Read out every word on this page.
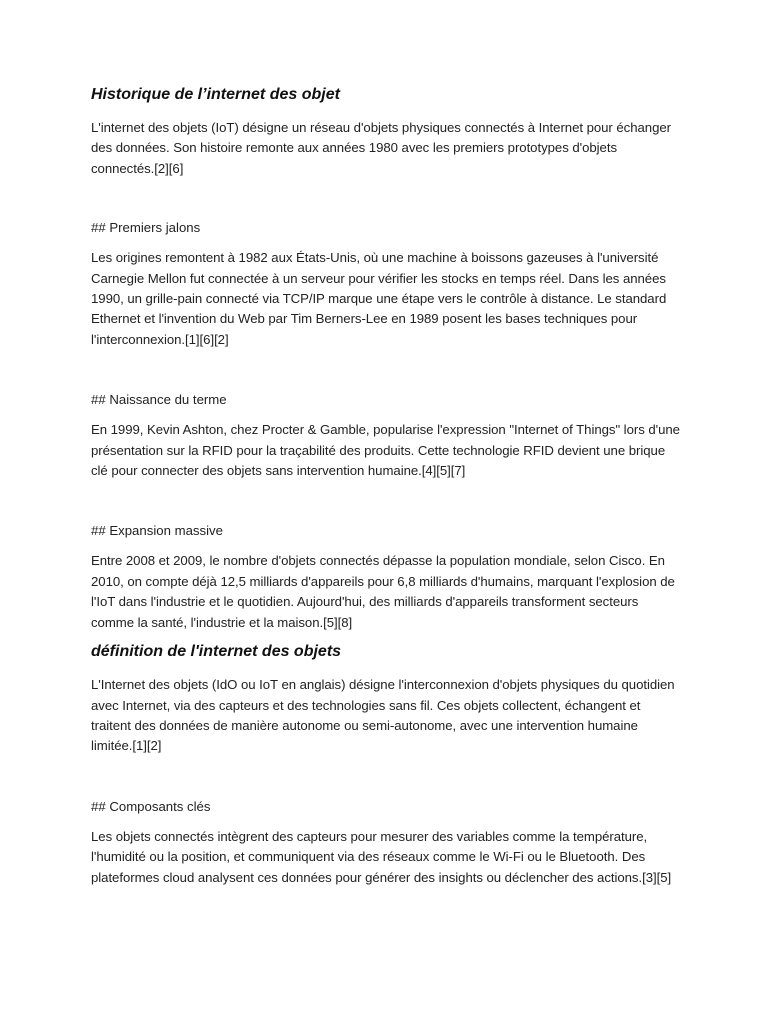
Historique de l’internet des objet

L'internet des objets (IoT) désigne un réseau d'objets physiques connectés à Internet pour échanger des données. Son histoire remonte aux années 1980 avec les premiers prototypes d'objets connectés.[2][6]

## Premiers jalons

Les origines remontent à 1982 aux États-Unis, où une machine à boissons gazeuses à l'université Carnegie Mellon fut connectée à un serveur pour vérifier les stocks en temps réel. Dans les années 1990, un grille-pain connecté via TCP/IP marque une étape vers le contrôle à distance. Le standard Ethernet et l'invention du Web par Tim Berners-Lee en 1989 posent les bases techniques pour l'interconnexion.[1][6][2]

## Naissance du terme

En 1999, Kevin Ashton, chez Procter & Gamble, popularise l'expression "Internet of Things" lors d'une présentation sur la RFID pour la traçabilité des produits. Cette technologie RFID devient une brique clé pour connecter des objets sans intervention humaine.[4][5][7]

## Expansion massive

Entre 2008 et 2009, le nombre d'objets connectés dépasse la population mondiale, selon Cisco. En 2010, on compte déjà 12,5 milliards d'appareils pour 6,8 milliards d'humains, marquant l'explosion de l'IoT dans l'industrie et le quotidien. Aujourd'hui, des milliards d'appareils transforment secteurs comme la santé, l'industrie et la maison.[5][8]

définition de l'internet des objets

L'Internet des objets (IdO ou IoT en anglais) désigne l'interconnexion d'objets physiques du quotidien avec Internet, via des capteurs et des technologies sans fil. Ces objets collectent, échangent et traitent des données de manière autonome ou semi-autonome, avec une intervention humaine limitée.[1][2]

## Composants clés

Les objets connectés intègrent des capteurs pour mesurer des variables comme la température, l'humidité ou la position, et communiquent via des réseaux comme le Wi-Fi ou le Bluetooth. Des plateformes cloud analysent ces données pour générer des insights ou déclencher des actions.[3][5]
